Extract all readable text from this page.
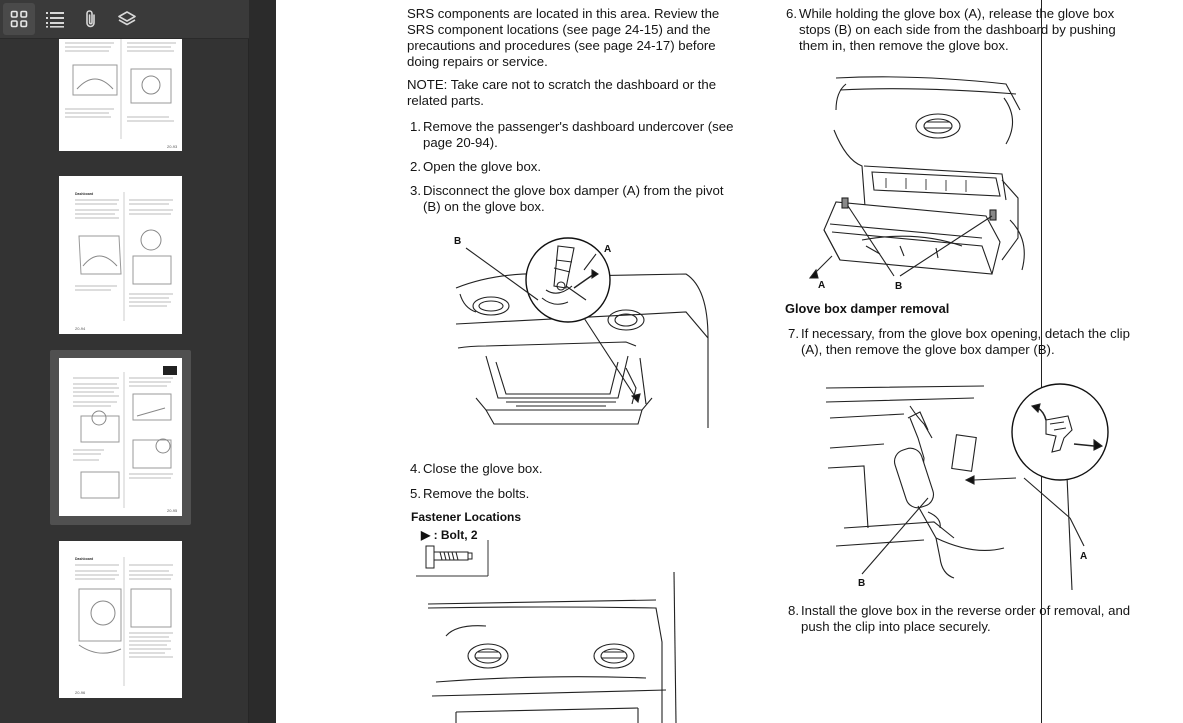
20-93
Dashboard
20-94
20-95
Dashboard
20-96
SRS components are located in this area. Review the SRS component locations (see page 24-15) and the precautions and procedures (see page 24-17) before doing repairs or service.
NOTE: Take care not to scratch the dashboard or the related parts.
1. Remove the passenger's dashboard undercover (see page 20-94).
2. Open the glove box.
3. Disconnect the glove box damper (A) from the pivot (B) on the glove box.
B
A
4. Close the glove box.
5. Remove the bolts.
Fastener Locations
▶ : Bolt, 2
6. While holding the glove box (A), release the glove box stops (B) on each side from the dashboard by pushing them in, then remove the glove box.
A	B
Glove box damper removal
7. If necessary, from the glove box opening, detach the clip (A), then remove the glove box damper (B).
A
B
8. Install the glove box in the reverse order of removal, and push the clip into place securely.
